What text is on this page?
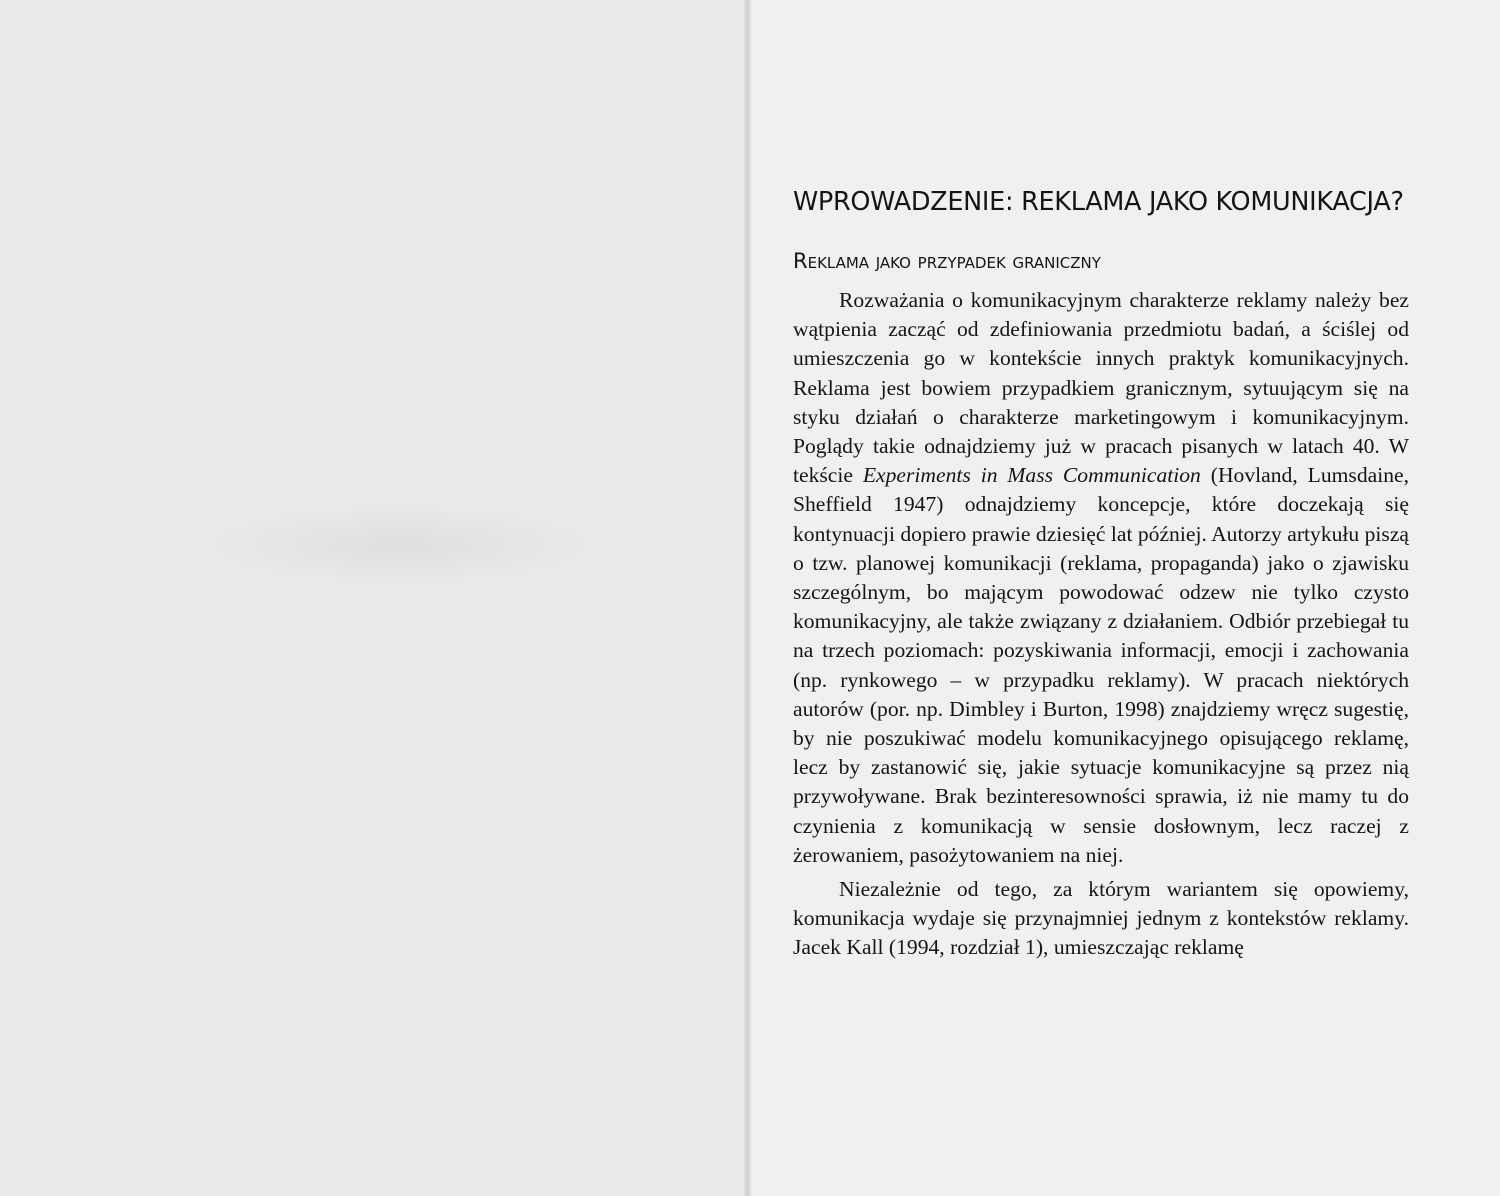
WPROWADZENIE: REKLAMA JAKO KOMUNIKACJA?
Reklama jako przypadek graniczny

Rozważania o komunikacyjnym charakterze reklamy należy bez wątpienia zacząć od zdefiniowania przedmiotu badań, a ściślej od umieszczenia go w kontekście innych praktyk komunikacyjnych. Reklama jest bowiem przypadkiem granicznym, sytuującym się na styku działań o charakterze marketingowym i komunikacyjnym. Poglądy takie odnajdziemy już w pracach pisanych w latach 40. W tekście Experiments in Mass Communication (Hovland, Lumsdaine, Sheffield 1947) odnajdziemy koncepcje, które doczekają się kontynuacji dopiero prawie dziesięć lat później. Autorzy artykułu piszą o tzw. planowej komunikacji (reklama, propaganda) jako o zjawisku szczególnym, bo mającym powodować odzew nie tylko czysto komunikacyjny, ale także związany z działaniem. Odbiór przebiegał tu na trzech poziomach: pozyskiwania informacji, emocji i zachowania (np. rynkowego – w przypadku reklamy). W pracach niektórych autorów (por. np. Dimbley i Burton, 1998) znajdziemy wręcz sugestię, by nie poszukiwać modelu komunikacyjnego opisującego reklamę, lecz by zastanowić się, jakie sytuacje komunikacyjne są przez nią przywoływane. Brak bezinteresowności sprawia, iż nie mamy tu do czynienia z komunikacją w sensie dosłownym, lecz raczej z żerowaniem, pasożytowaniem na niej.

Niezależnie od tego, za którym wariantem się opowiemy, komunikacja wydaje się przynajmniej jednym z kontekstów reklamy. Jacek Kall (1994, rozdział 1), umieszczając reklamę
